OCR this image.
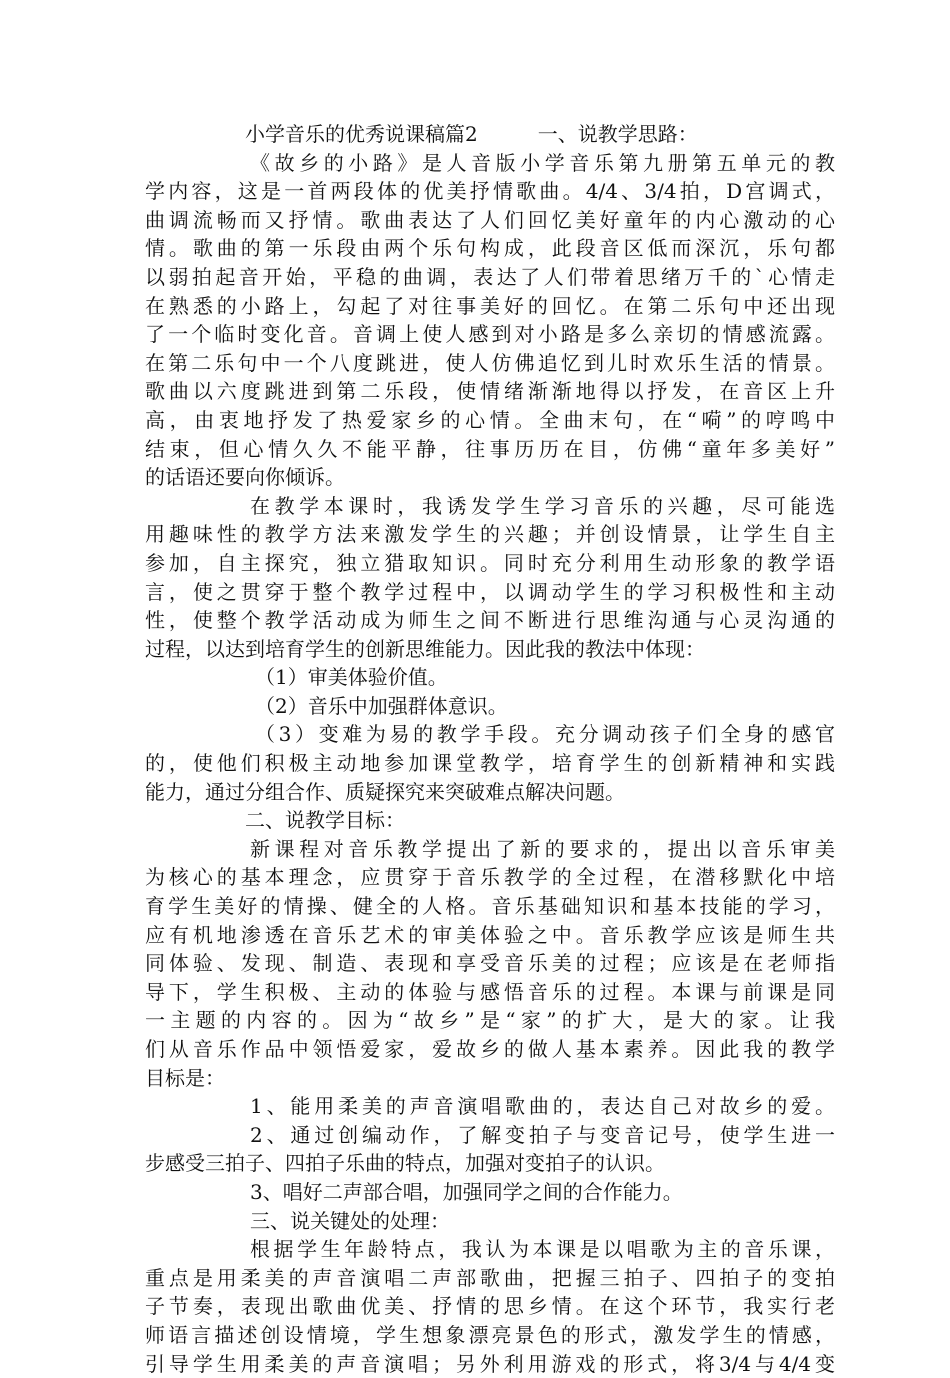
小学音乐的优秀说课稿篇2　　　一、说教学思路：
《故乡的小路》是人音版小学音乐第九册第五单元的教
学内容，这是一首两段体的优美抒情歌曲。4/4、3/4拍，D宫调式，
曲调流畅而又抒情。歌曲表达了人们回忆美好童年的内心激动的心
情。歌曲的第一乐段由两个乐句构成，此段音区低而深沉，乐句都
以弱拍起音开始，平稳的曲调，表达了人们带着思绪万千的`心情走
在熟悉的小路上，勾起了对往事美好的回忆。在第二乐句中还出现
了一个临时变化音。音调上使人感到对小路是多么亲切的情感流露。
在第二乐句中一个八度跳进，使人仿佛追忆到儿时欢乐生活的情景。
歌曲以六度跳进到第二乐段，使情绪渐渐地得以抒发，在音区上升
高，由衷地抒发了热爱家乡的心情。全曲末句，在“嗬”的哼鸣中
结束，但心情久久不能平静，往事历历在目，仿佛“童年多美好”
的话语还要向你倾诉。
在教学本课时，我诱发学生学习音乐的兴趣，尽可能选
用趣味性的教学方法来激发学生的兴趣；并创设情景，让学生自主
参加，自主探究，独立猎取知识。同时充分利用生动形象的教学语
言，使之贯穿于整个教学过程中，以调动学生的学习积极性和主动
性，使整个教学活动成为师生之间不断进行思维沟通与心灵沟通的
过程，以达到培育学生的创新思维能力。因此我的教法中体现：
（1）审美体验价值。
（2）音乐中加强群体意识。
（3）变难为易的教学手段。充分调动孩子们全身的感官
的，使他们积极主动地参加课堂教学，培育学生的创新精神和实践
能力，通过分组合作、质疑探究来突破难点解决问题。
二、说教学目标：
新课程对音乐教学提出了新的要求的，提出以音乐审美
为核心的基本理念，应贯穿于音乐教学的全过程，在潜移默化中培
育学生美好的情操、健全的人格。音乐基础知识和基本技能的学习，
应有机地渗透在音乐艺术的审美体验之中。音乐教学应该是师生共
同体验、发现、制造、表现和享受音乐美的过程；应该是在老师指
导下，学生积极、主动的体验与感悟音乐的过程。本课与前课是同
一主题的内容的。因为“故乡”是“家”的扩大，是大的家。让我
们从音乐作品中领悟爱家，爱故乡的做人基本素养。因此我的教学
目标是：
1、能用柔美的声音演唱歌曲的，表达自己对故乡的爱。
2、通过创编动作，了解变拍子与变音记号，使学生进一
步感受三拍子、四拍子乐曲的特点，加强对变拍子的认识。
3、唱好二声部合唱，加强同学之间的合作能力。
三、说关键处的处理：
根据学生年龄特点，我认为本课是以唱歌为主的音乐课，
重点是用柔美的声音演唱二声部歌曲，把握三拍子、四拍子的变拍
子节奏，表现出歌曲优美、抒情的思乡情。在这个环节，我实行老
师语言描述创设情境，学生想象漂亮景色的形式，激发学生的情感，
引导学生用柔美的声音演唱；另外利用游戏的形式，将3/4与4/4变
